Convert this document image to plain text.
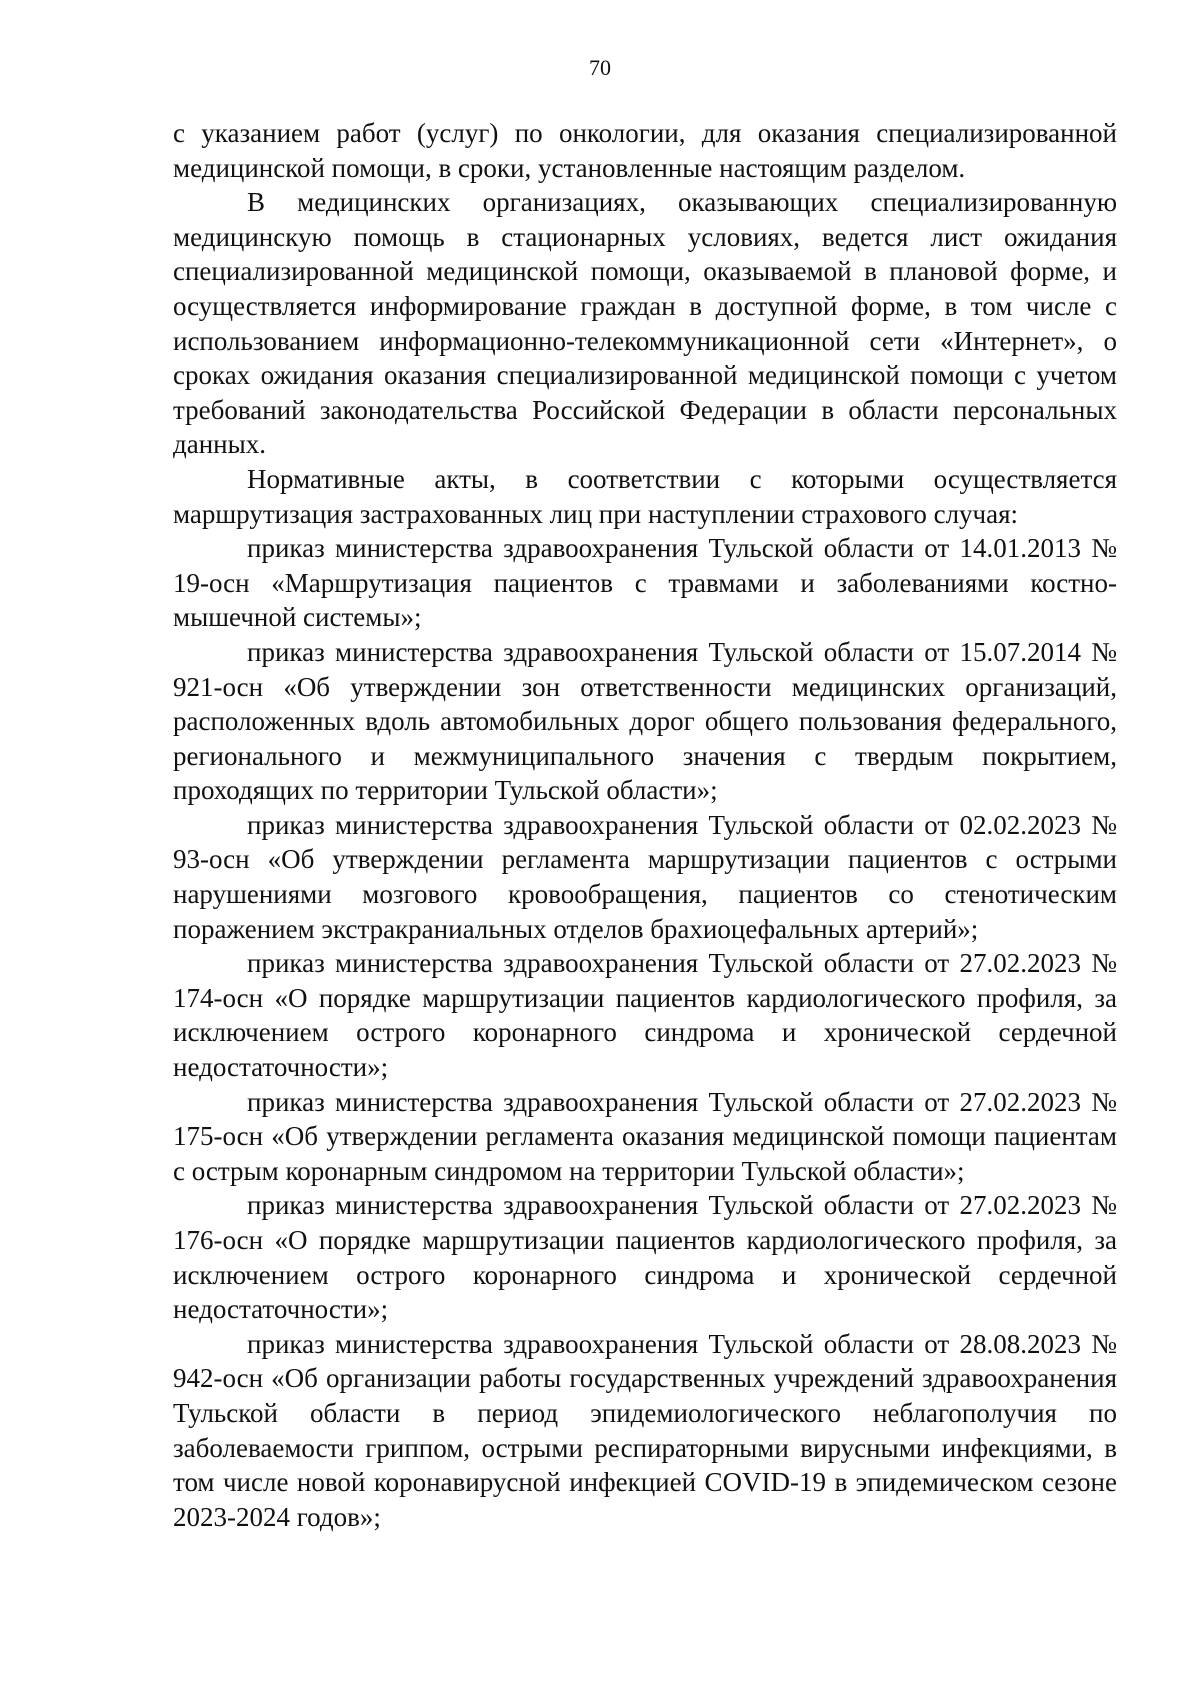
70

с указанием работ (услуг) по онкологии, для оказания специализированной медицинской помощи, в сроки, установленные настоящим разделом.

В медицинских организациях, оказывающих специализированную медицинскую помощь в стационарных условиях, ведется лист ожидания специализированной медицинской помощи, оказываемой в плановой форме, и осуществляется информирование граждан в доступной форме, в том числе с использованием информационно-телекоммуникационной сети «Интернет», о сроках ожидания оказания специализированной медицинской помощи с учетом требований законодательства Российской Федерации в области персональных данных.

Нормативные акты, в соответствии с которыми осуществляется маршрутизация застрахованных лиц при наступлении страхового случая:

приказ министерства здравоохранения Тульской области от 14.01.2013 № 19-осн «Маршрутизация пациентов с травмами и заболеваниями костно-мышечной системы»;

приказ министерства здравоохранения Тульской области от 15.07.2014 № 921-осн «Об утверждении зон ответственности медицинских организаций, расположенных вдоль автомобильных дорог общего пользования федерального, регионального и межмуниципального значения с твердым покрытием, проходящих по территории Тульской области»;

приказ министерства здравоохранения Тульской области от 02.02.2023 № 93-осн «Об утверждении регламента маршрутизации пациентов с острыми нарушениями мозгового кровообращения, пациентов со стенотическим поражением экстракраниальных отделов брахиоцефальных артерий»;

приказ министерства здравоохранения Тульской области от 27.02.2023 № 174-осн «О порядке маршрутизации пациентов кардиологического профиля, за исключением острого коронарного синдрома и хронической сердечной недостаточности»;

приказ министерства здравоохранения Тульской области от 27.02.2023 № 175-осн «Об утверждении регламента оказания медицинской помощи пациентам с острым коронарным синдромом на территории Тульской области»;

приказ министерства здравоохранения Тульской области от 27.02.2023 № 176-осн «О порядке маршрутизации пациентов кардиологического профиля, за исключением острого коронарного синдрома и хронической сердечной недостаточности»;

приказ министерства здравоохранения Тульской области от 28.08.2023 № 942-осн «Об организации работы государственных учреждений здравоохранения Тульской области в период эпидемиологического неблагополучия по заболеваемости гриппом, острыми респираторными вирусными инфекциями, в том числе новой коронавирусной инфекцией COVID-19 в эпидемическом сезоне 2023-2024 годов»;
